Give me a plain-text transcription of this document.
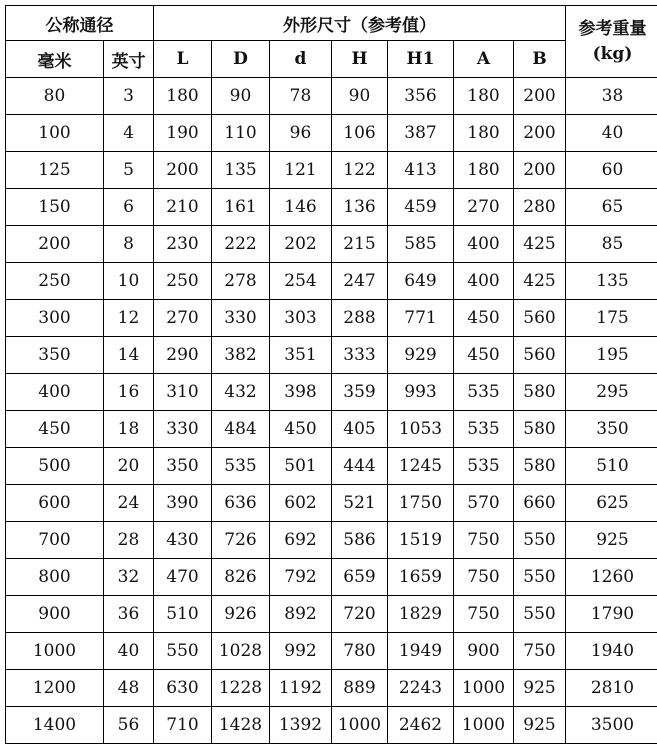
公称通径		外形尺寸（参考值）							参考重量
(kg)

毫米	英寸	L	D	d	H	H1	A	B	
80	3	180	90	78	90	356	180	200	38
100	4	190	110	96	106	387	180	200	40
125	5	200	135	121	122	413	180	200	60
150	6	210	161	146	136	459	270	280	65
200	8	230	222	202	215	585	400	425	85
250	10	250	278	254	247	649	400	425	135
300	12	270	330	303	288	771	450	560	175
350	14	290	382	351	333	929	450	560	195
400	16	310	432	398	359	993	535	580	295
450	18	330	484	450	405	1053	535	580	350
500	20	350	535	501	444	1245	535	580	510
600	24	390	636	602	521	1750	570	660	625
700	28	430	726	692	586	1519	750	550	925
800	32	470	826	792	659	1659	750	550	1260
900	36	510	926	892	720	1829	750	550	1790
1000	40	550	1028	992	780	1949	900	750	1940
1200	48	630	1228	1192	889	2243	1000	925	2810
1400	56	710	1428	1392	1000	2462	1000	925	3500
